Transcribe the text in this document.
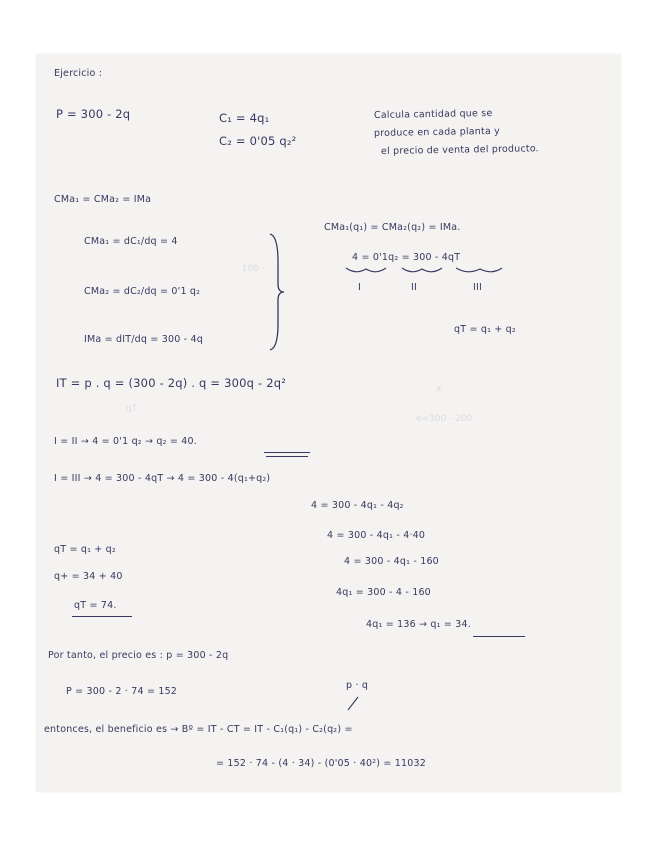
· 100 -
x
e=300 - 200
qT
Ejercicio :
P = 300 - 2q	C₁ = 4q₁
C₂ = 0'05 q₂²
Calcula cantidad que se
produce en cada planta y
el precio de venta del producto.
CMa₁ = CMa₂ = IMa
CMa₁ = dC₁/dq = 4
CMa₂ = dC₂/dq = 0'1 q₂
IMa = dIT/dq = 300 - 4q
CMa₁(q₁) = CMa₂(q₂) = IMa.
4 = 0'1q₂ = 300 - 4qT
I	II	III
qT = q₁ + q₂
IT = p . q = (300 - 2q) . q = 300q - 2q²
I = II → 4 = 0'1 q₂ → q₂ = 40.
I = III → 4 = 300 - 4qT → 4 = 300 - 4(q₁+q₂)
4 = 300 - 4q₁ - 4q₂
4 = 300 - 4q₁ - 4·40
4 = 300 - 4q₁ - 160
4q₁ = 300 - 4 - 160
4q₁ = 136 → q₁ = 34.
qT = q₁ + q₂
q+ = 34 + 40
qT = 74.
Por tanto, el precio es : p = 300 - 2q
p · q
P = 300 - 2 · 74 = 152
entonces, el beneficio es → Bº = IT - CT = IT - C₁(q₁) - C₂(q₂) =
= 152 · 74 - (4 · 34) - (0'05 · 40²) = 11032
